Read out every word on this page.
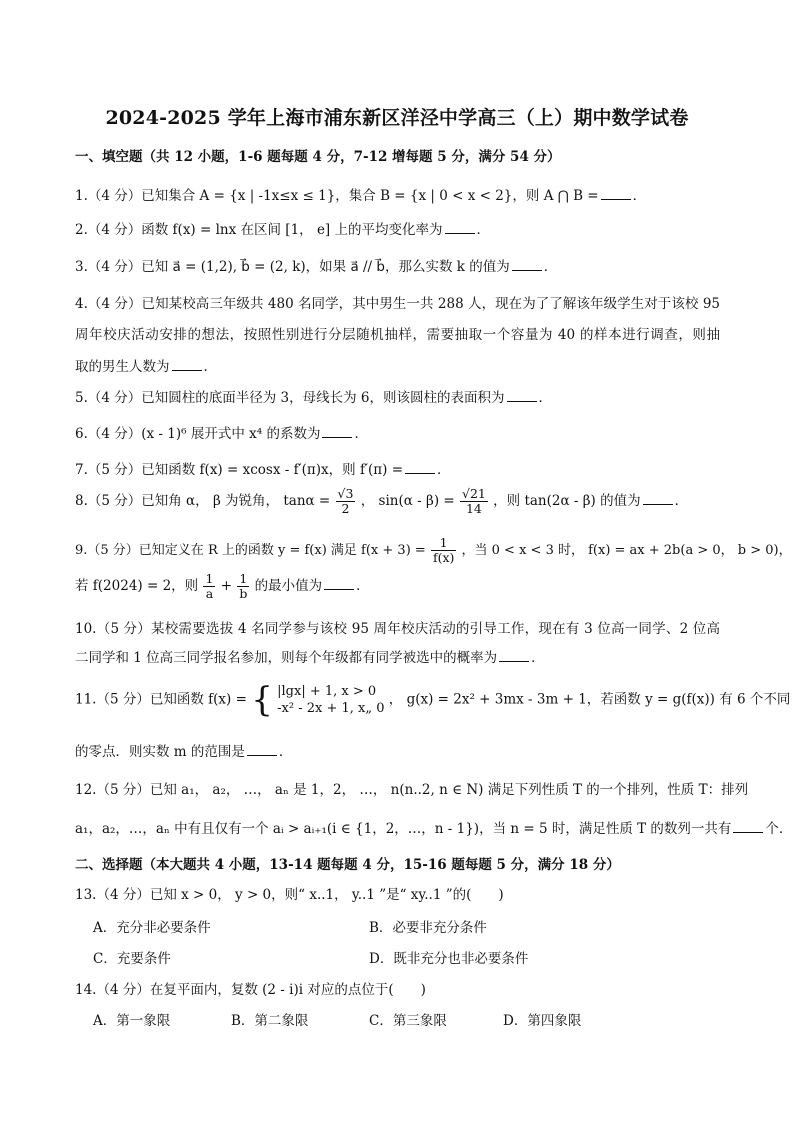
2024-2025 学年上海市浦东新区洋泾中学高三（上）期中数学试卷
一、填空题（共 12 小题，1-6 题每题 4 分，7-12 增每题 5 分，满分 54 分）
1.（4 分）已知集合 A = {x | -1ⅹ≤x ≤ 1}，集合 B = {x | 0 < x < 2}，则 A ⋂ B =	．
2.（4 分）函数 f(x) = lnx 在区间 [1， e] 上的平均变化率为	．
3.（4 分）已知 a⃗ = (1,2), b⃗ = (2, k)，如果 a⃗ // b⃗，那么实数 k 的值为	．
4.（4 分）已知某校高三年级共 480 名同学，其中男生一共 288 人，现在为了了解该年级学生对于该校 95
周年校庆活动安排的想法，按照性别进行分层随机抽样，需要抽取一个容量为 40 的样本进行调查，则抽
取的男生人数为	．
5.（4 分）已知圆柱的底面半径为 3，母线长为 6，则该圆柱的表面积为	．
6.（4 分）(x - 1)⁶ 展开式中 x⁴ 的系数为	．
7.（5 分）已知函数 f(x) = xcosx - f′(π)x，则 f′(π) =	．
8.（5 分）已知角 α， β 为锐角， $\tan\alpha = \frac{√3}{2}$ ， $\sin(\alpha - \beta) = \frac{√21}{14}$ ，则 tan(2α - β) 的值为	．
9.（5 分）已知定义在 R 上的函数 y = f(x) 满足 $f(x + 3) = \frac{1}{f(x)}$ ，当 0 < x < 3 时， f(x) = ax + 2b(a > 0， b > 0)，
若 f(2024) = 2，则 $\frac{1}{a} + \frac{1}{b}$ 的最小值为	．
10.（5 分）某校需要选拔 4 名同学参与该校 95 周年校庆活动的引导工作，现在有 3 位高一同学、2 位高
二同学和 1 位高三同学报名参加，则每个年级都有同学被选中的概率为	．
11.（5 分）已知函数 f(x) = { |lgx| + 1, x > 0
-x² - 2x + 1, x„ 0
， g(x) = 2x² + 3mx - 3m + 1，若函数 y = g(f(x)) 有 6 个不同
的零点．则实数 m 的范围是	．
12.（5 分）已知 a₁， a₂， …， aₙ 是 1，2， …， n(n..2, n ∈ N) 满足下列性质 T 的一个排列，性质 T：排列
a₁，a₂，…，aₙ 中有且仅有一个 aᵢ > aᵢ₊₁(i ∈ {1，2，…，n - 1})，当 n = 5 时，满足性质 T 的数列一共有	个．
二、选择题（本大题共 4 小题，13-14 题每题 4 分，15-16 题每题 5 分，满分 18 分）
13.（4 分）已知 x > 0， y > 0，则“ x..1， y..1 ”是“ xy..1 ”的(　　)
A．充分非必要条件	B．必要非充分条件
C．充要条件	D．既非充分也非必要条件
14.（4 分）在复平面内，复数 (2 - i)i 对应的点位于(　　)
A．第一象限	B．第二象限	C．第三象限	D．第四象限
